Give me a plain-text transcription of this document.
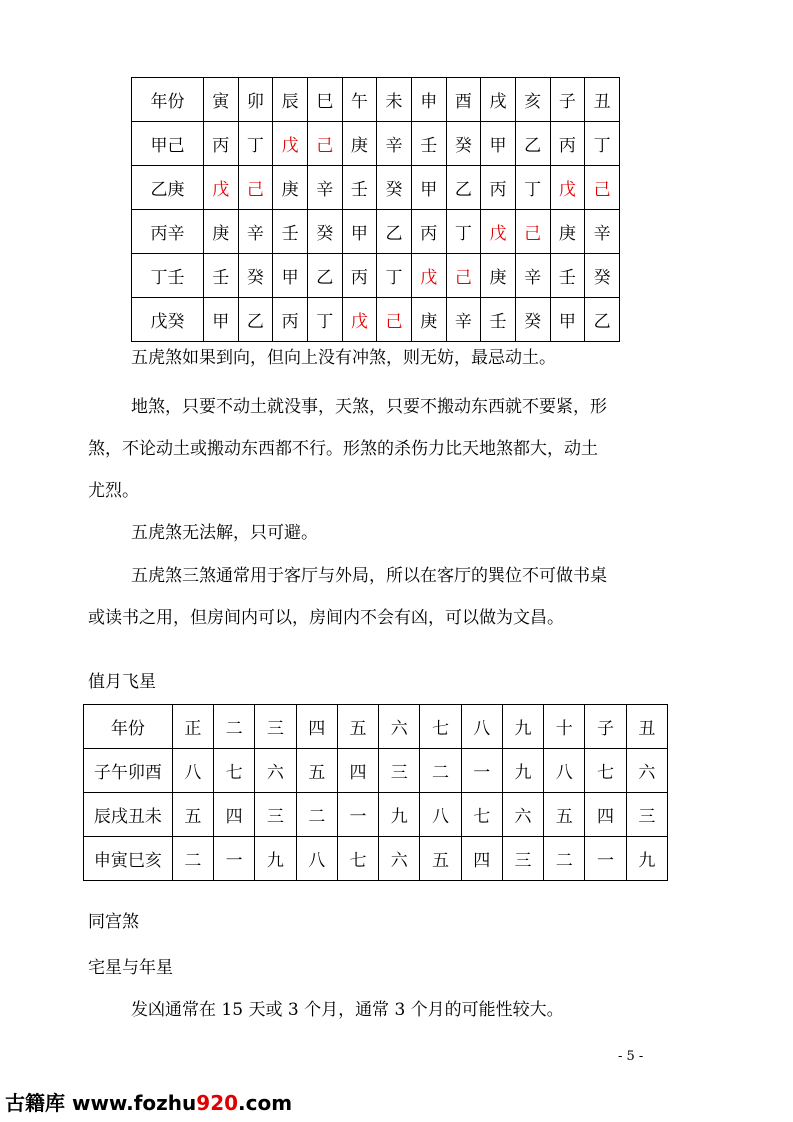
年份	寅	卯	辰	巳	午	未	申	酉	戌	亥	子	丑
甲己	丙	丁	戊	己	庚	辛	壬	癸	甲	乙	丙	丁
乙庚	戊	己	庚	辛	壬	癸	甲	乙	丙	丁	戊	己
丙辛	庚	辛	壬	癸	甲	乙	丙	丁	戊	己	庚	辛
丁壬	壬	癸	甲	乙	丙	丁	戊	己	庚	辛	壬	癸
戊癸	甲	乙	丙	丁	戊	己	庚	辛	壬	癸	甲	乙

五虎煞如果到向，但向上没有冲煞，则无妨，最忌动土。

地煞，只要不动土就没事，天煞，只要不搬动东西就不要紧，形

煞，不论动土或搬动东西都不行。形煞的杀伤力比天地煞都大，动土

尤烈。

五虎煞无法解，只可避。

五虎煞三煞通常用于客厅与外局，所以在客厅的巽位不可做书桌

或读书之用，但房间内可以，房间内不会有凶，可以做为文昌。

值月飞星

年份	正	二	三	四	五	六	七	八	九	十	子	丑
子午卯酉	八	七	六	五	四	三	二	一	九	八	七	六
辰戌丑未	五	四	三	二	一	九	八	七	六	五	四	三
申寅巳亥	二	一	九	八	七	六	五	四	三	二	一	九

同宫煞

宅星与年星

发凶通常在 15 天或 3 个月，通常 3 个月的可能性较大。

- 5 -
古籍库 www.fozhu920.com
